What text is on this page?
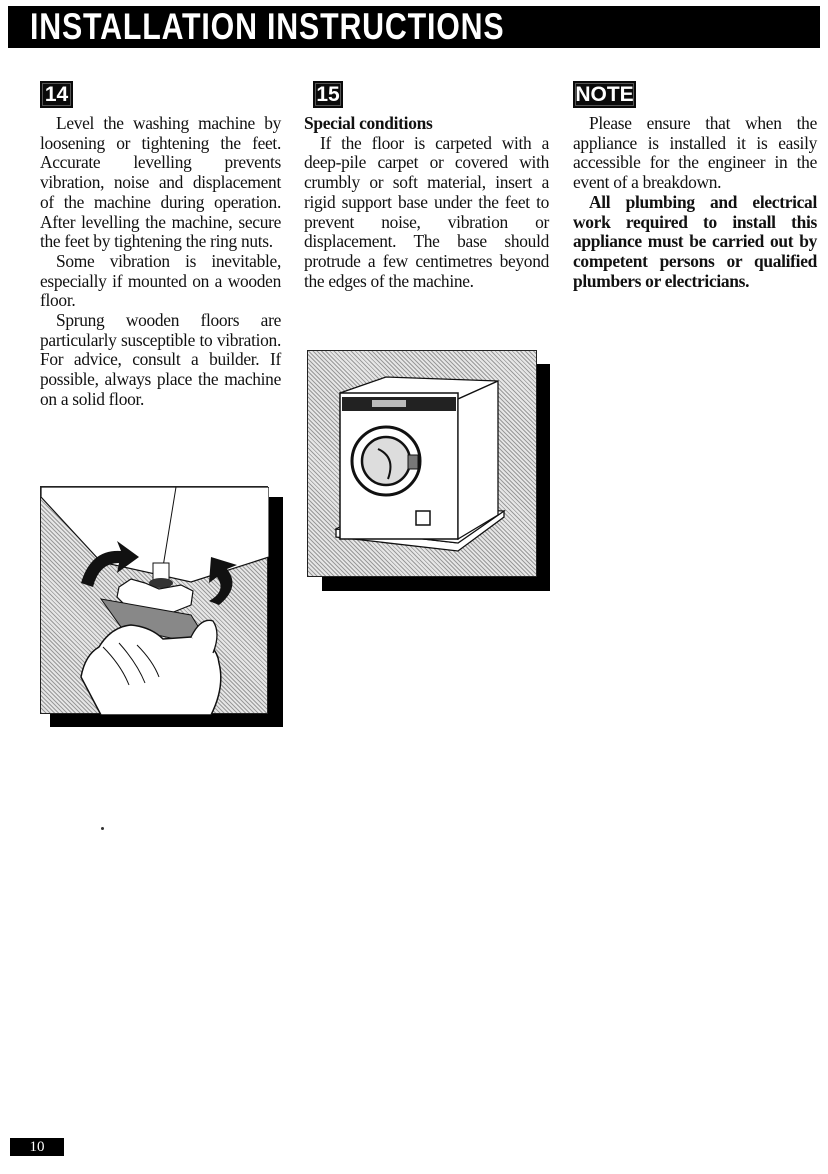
INSTALLATION INSTRUCTIONS
14

Level the washing machine by loosening or tightening the feet. Accurate levelling prevents vibration, noise and displacement of the machine during operation. After levelling the machine, secure the feet by tightening the ring nuts.

Some vibration is inevitable, especially if mounted on a wooden floor.

Sprung wooden floors are particularly susceptible to vibration. For advice, consult a builder. If possible, always place the machine on a solid floor.

15

Special conditions

If the floor is carpeted with a deep-pile carpet or covered with crumbly or soft material, insert a rigid support base under the feet to prevent noise, vibration or displacement. The base should protrude a few centimetres beyond the edges of the machine.

NOTE

Please ensure that when the appliance is installed it is easily accessible for the engineer in the event of a breakdown.

All plumbing and electrical work required to install this appliance must be carried out by competent persons or qualified plumbers or electricians.

10
